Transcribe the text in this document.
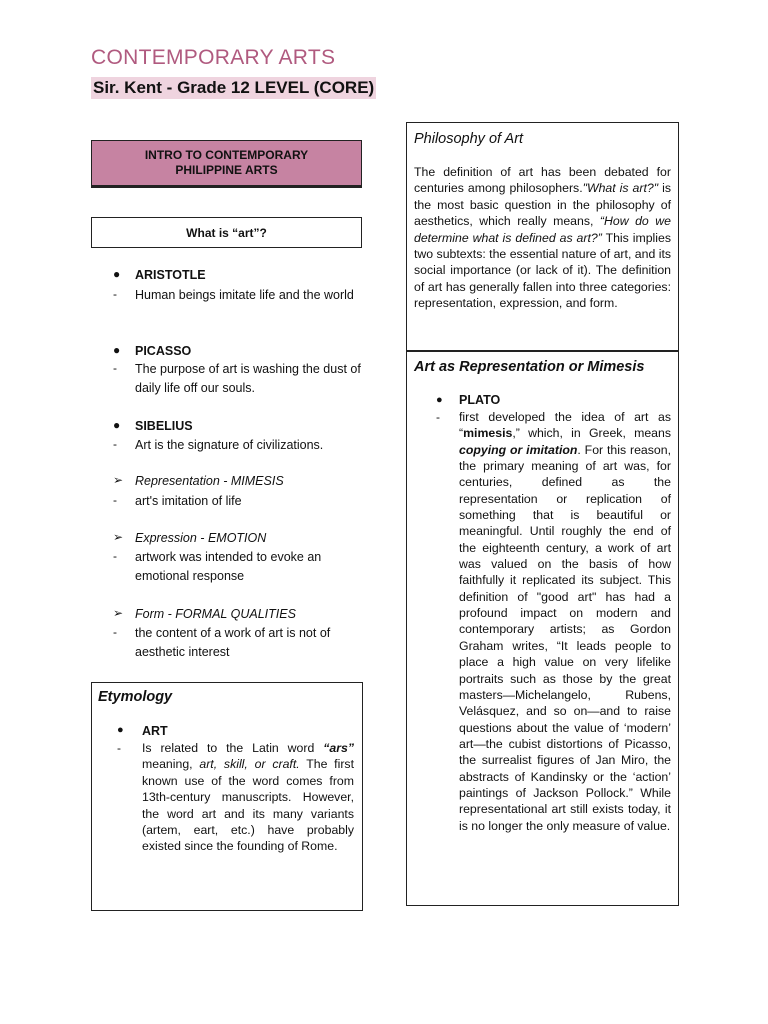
CONTEMPORARY ARTS
Sir. Kent - Grade 12 LEVEL (CORE)
INTRO TO CONTEMPORARY PHILIPPINE ARTS
What is “art”?
● ARISTOTLE
- Human beings imitate life and the world
● PICASSO
- The purpose of art is washing the dust of daily life off our souls.
● SIBELIUS
- Art is the signature of civilizations.
➢ Representation - MIMESIS
- art's imitation of life
➢ Expression - EMOTION
- artwork was intended to evoke an emotional response
➢ Form - FORMAL QUALITIES
- the content of a work of art is not of aesthetic interest
Etymology
● ART
- Is related to the Latin word “ars” meaning, art, skill, or craft. The first known use of the word comes from 13th-century manuscripts. However, the word art and its many variants (artem, eart, etc.) have probably existed since the founding of Rome.
Philosophy of Art
The definition of art has been debated for centuries among philosophers."What is art?" is the most basic question in the philosophy of aesthetics, which really means, “How do we determine what is defined as art?” This implies two subtexts: the essential nature of art, and its social importance (or lack of it). The definition of art has generally fallen into three categories: representation, expression, and form.
Art as Representation or Mimesis
● PLATO
- first developed the idea of art as “mimesis,” which, in Greek, means copying or imitation. For this reason, the primary meaning of art was, for centuries, defined as the representation or replication of something that is beautiful or meaningful. Until roughly the end of the eighteenth century, a work of art was valued on the basis of how faithfully it replicated its subject. This definition of "good art" has had a profound impact on modern and contemporary artists; as Gordon Graham writes, “It leads people to place a high value on very lifelike portraits such as those by the great masters—Michelangelo, Rubens, Velásquez, and so on—and to raise questions about the value of ‘modern’ art—the cubist distortions of Picasso, the surrealist figures of Jan Miro, the abstracts of Kandinsky or the ‘action’ paintings of Jackson Pollock.” While representational art still exists today, it is no longer the only measure of value.
